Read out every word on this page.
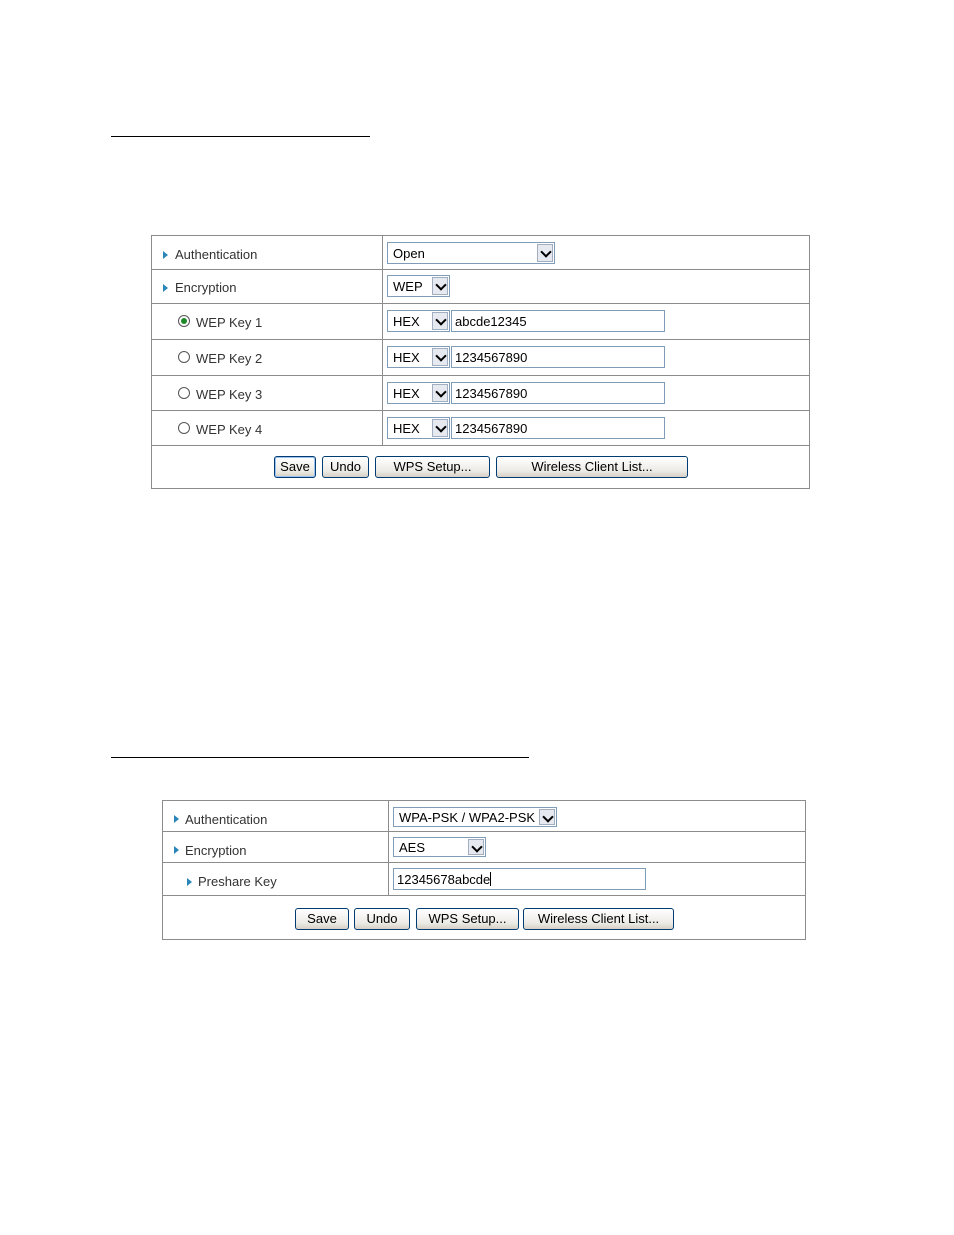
Authentication	Open
Encryption	WEP
WEP Key 1	HEX	abcde12345
WEP Key 2	HEX	1234567890
WEP Key 3	HEX	1234567890
WEP Key 4	HEX	1234567890
Save	Undo	WPS Setup...	Wireless Client List...
Authentication	WPA-PSK / WPA2-PSK
Encryption	AES
Preshare Key	12345678abcde
Save	Undo	WPS Setup...	Wireless Client List...
